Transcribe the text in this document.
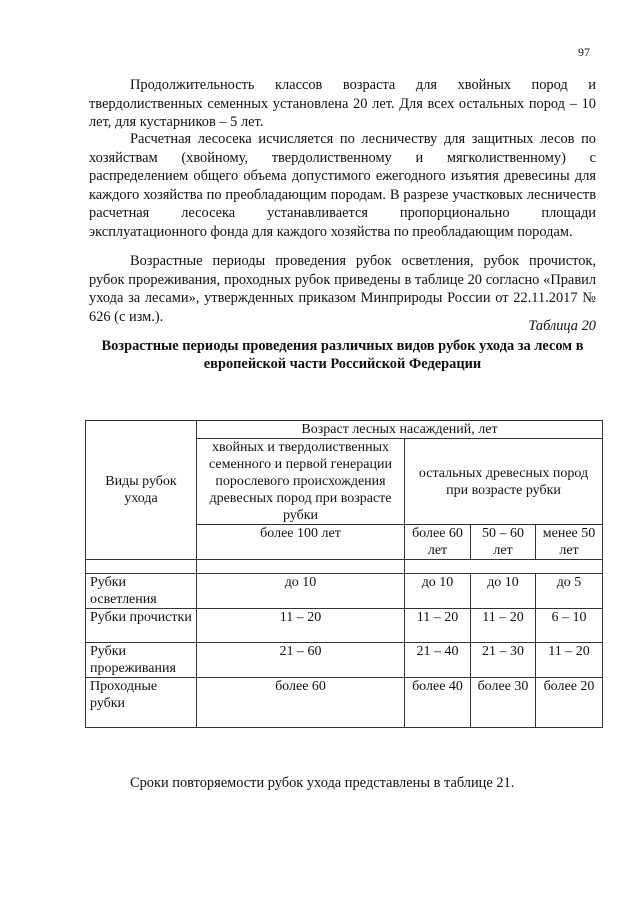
97

Продолжительность классов возраста для хвойных пород и твердолиственных семенных установлена 20 лет. Для всех остальных пород – 10 лет, для кустарников – 5 лет.

Расчетная лесосека исчисляется по лесничеству для защитных лесов по хозяйствам (хвойному, твердолиственному и мягколиственному) с распределением общего объема допустимого ежегодного изъятия древесины для каждого хозяйства по преобладающим породам. В разрезе участковых лесничеств расчетная лесосека устанавливается пропорционально площади эксплуатационного фонда для каждого хозяйства по преобладающим породам.

Возрастные периоды проведения рубок осветления, рубок прочисток, рубок прореживания, проходных рубок приведены в таблице 20 согласно «Правил ухода за лесами», утвержденных приказом Минприроды России от 22.11.2017 № 626 (с изм.).

Таблица 20
Возрастные периоды проведения различных видов рубок ухода за лесом в европейской части Российской Федерации
Виды рубок ухода	Возраст лесных насаждений, лет			
	хвойных и твердолиственных семенного и первой генерации порослевого происхождения древесных пород при возрасте рубки	остальных древесных пород при возрасте рубки		
	более 100 лет	более 60 лет	50 – 60 лет	менее 50 лет

Рубки осветления	до 10	до 10	до 10	до 5
Рубки прочистки	11 – 20	11 – 20	11 – 20	6 – 10
Рубки прореживания	21 – 60	21 – 40	21 – 30	11 – 20
Проходные рубки	более 60	более 40	более 30	более 20
Сроки повторяемости рубок ухода представлены в таблице 21.
